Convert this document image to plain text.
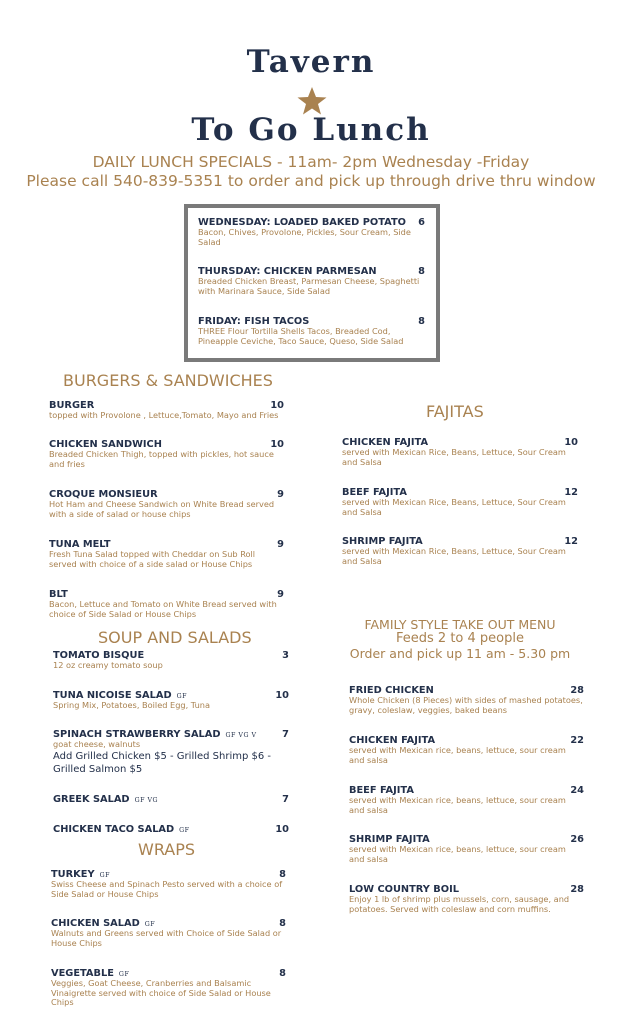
Tavern
To Go Lunch
DAILY LUNCH SPECIALS - 11am- 2pm Wednesday -Friday
Please call 540-839-5351 to order and pick up through drive thru window
WEDNESDAY: LOADED BAKED POTATO
Bacon, Chives, Provolone, Pickles, Sour Cream, Side Salad
6
THURSDAY: CHICKEN PARMESAN
Breaded Chicken Breast, Parmesan Cheese, Spaghetti with Marinara Sauce, Side Salad
8
FRIDAY: FISH TACOS
THREE Flour Tortilla Shells Tacos, Breaded Cod, Pineapple Ceviche, Taco Sauce, Queso, Side Salad
8
BURGERS & SANDWICHES
SOUP AND SALADS
WRAPS
FAJITAS
FAMILY STYLE TAKE OUT MENU
Feeds 2 to 4 people
Order and pick up 11 am - 5.30 pm
BURGER
topped with Provolone , Lettuce,Tomato, Mayo and Fries
10
CHICKEN SANDWICH
Breaded Chicken Thigh, topped with pickles, hot sauce and fries
10
CROQUE MONSIEUR
Hot Ham and Cheese Sandwich on White Bread served with a side of salad or house chips
9
TUNA MELT
Fresh Tuna Salad topped with Cheddar on Sub Roll served with choice of a side salad or House Chips
9
BLT
Bacon, Lettuce and Tomato on White Bread served with choice of Side Salad or House Chips
9
TOMATO BISQUE
12 oz creamy tomato soup
3
TUNA NICOISE SALAD GF
Spring Mix, Potatoes, Boiled Egg, Tuna
10
SPINACH STRAWBERRY SALAD GF VG V
goat cheese, walnuts
Add Grilled Chicken $5 - Grilled Shrimp $6 - Grilled Salmon $5
7
GREEK SALAD GF VG	7
CHICKEN TACO SALAD GF	10
TURKEY GF
Swiss Cheese and Spinach Pesto served with a choice of Side Salad or House Chips
8
CHICKEN SALAD GF
Walnuts and Greens served with Choice of Side Salad or House Chips
8
VEGETABLE GF
Veggies, Goat Cheese, Cranberries and Balsamic Vinaigrette served with choice of Side Salad or House Chips
8
CHICKEN FAJITA
served with Mexican Rice, Beans, Lettuce, Sour Cream and Salsa
10
BEEF FAJITA
served with Mexican Rice, Beans, Lettuce, Sour Cream and Salsa
12
SHRIMP FAJITA
served with Mexican Rice, Beans, Lettuce, Sour Cream and Salsa
12
FRIED CHICKEN
Whole Chicken (8 Pieces) with sides of mashed potatoes, gravy, coleslaw, veggies, baked beans
28
CHICKEN FAJITA
served with Mexican rice, beans, lettuce, sour cream and salsa
22
BEEF FAJITA
served with Mexican rice, beans, lettuce, sour cream and salsa
24
SHRIMP FAJITA
served with Mexican rice, beans, lettuce, sour cream and salsa
26
LOW COUNTRY BOIL
Enjoy 1 lb of shrimp plus mussels, corn, sausage, and potatoes. Served with coleslaw and corn muffins.
28
